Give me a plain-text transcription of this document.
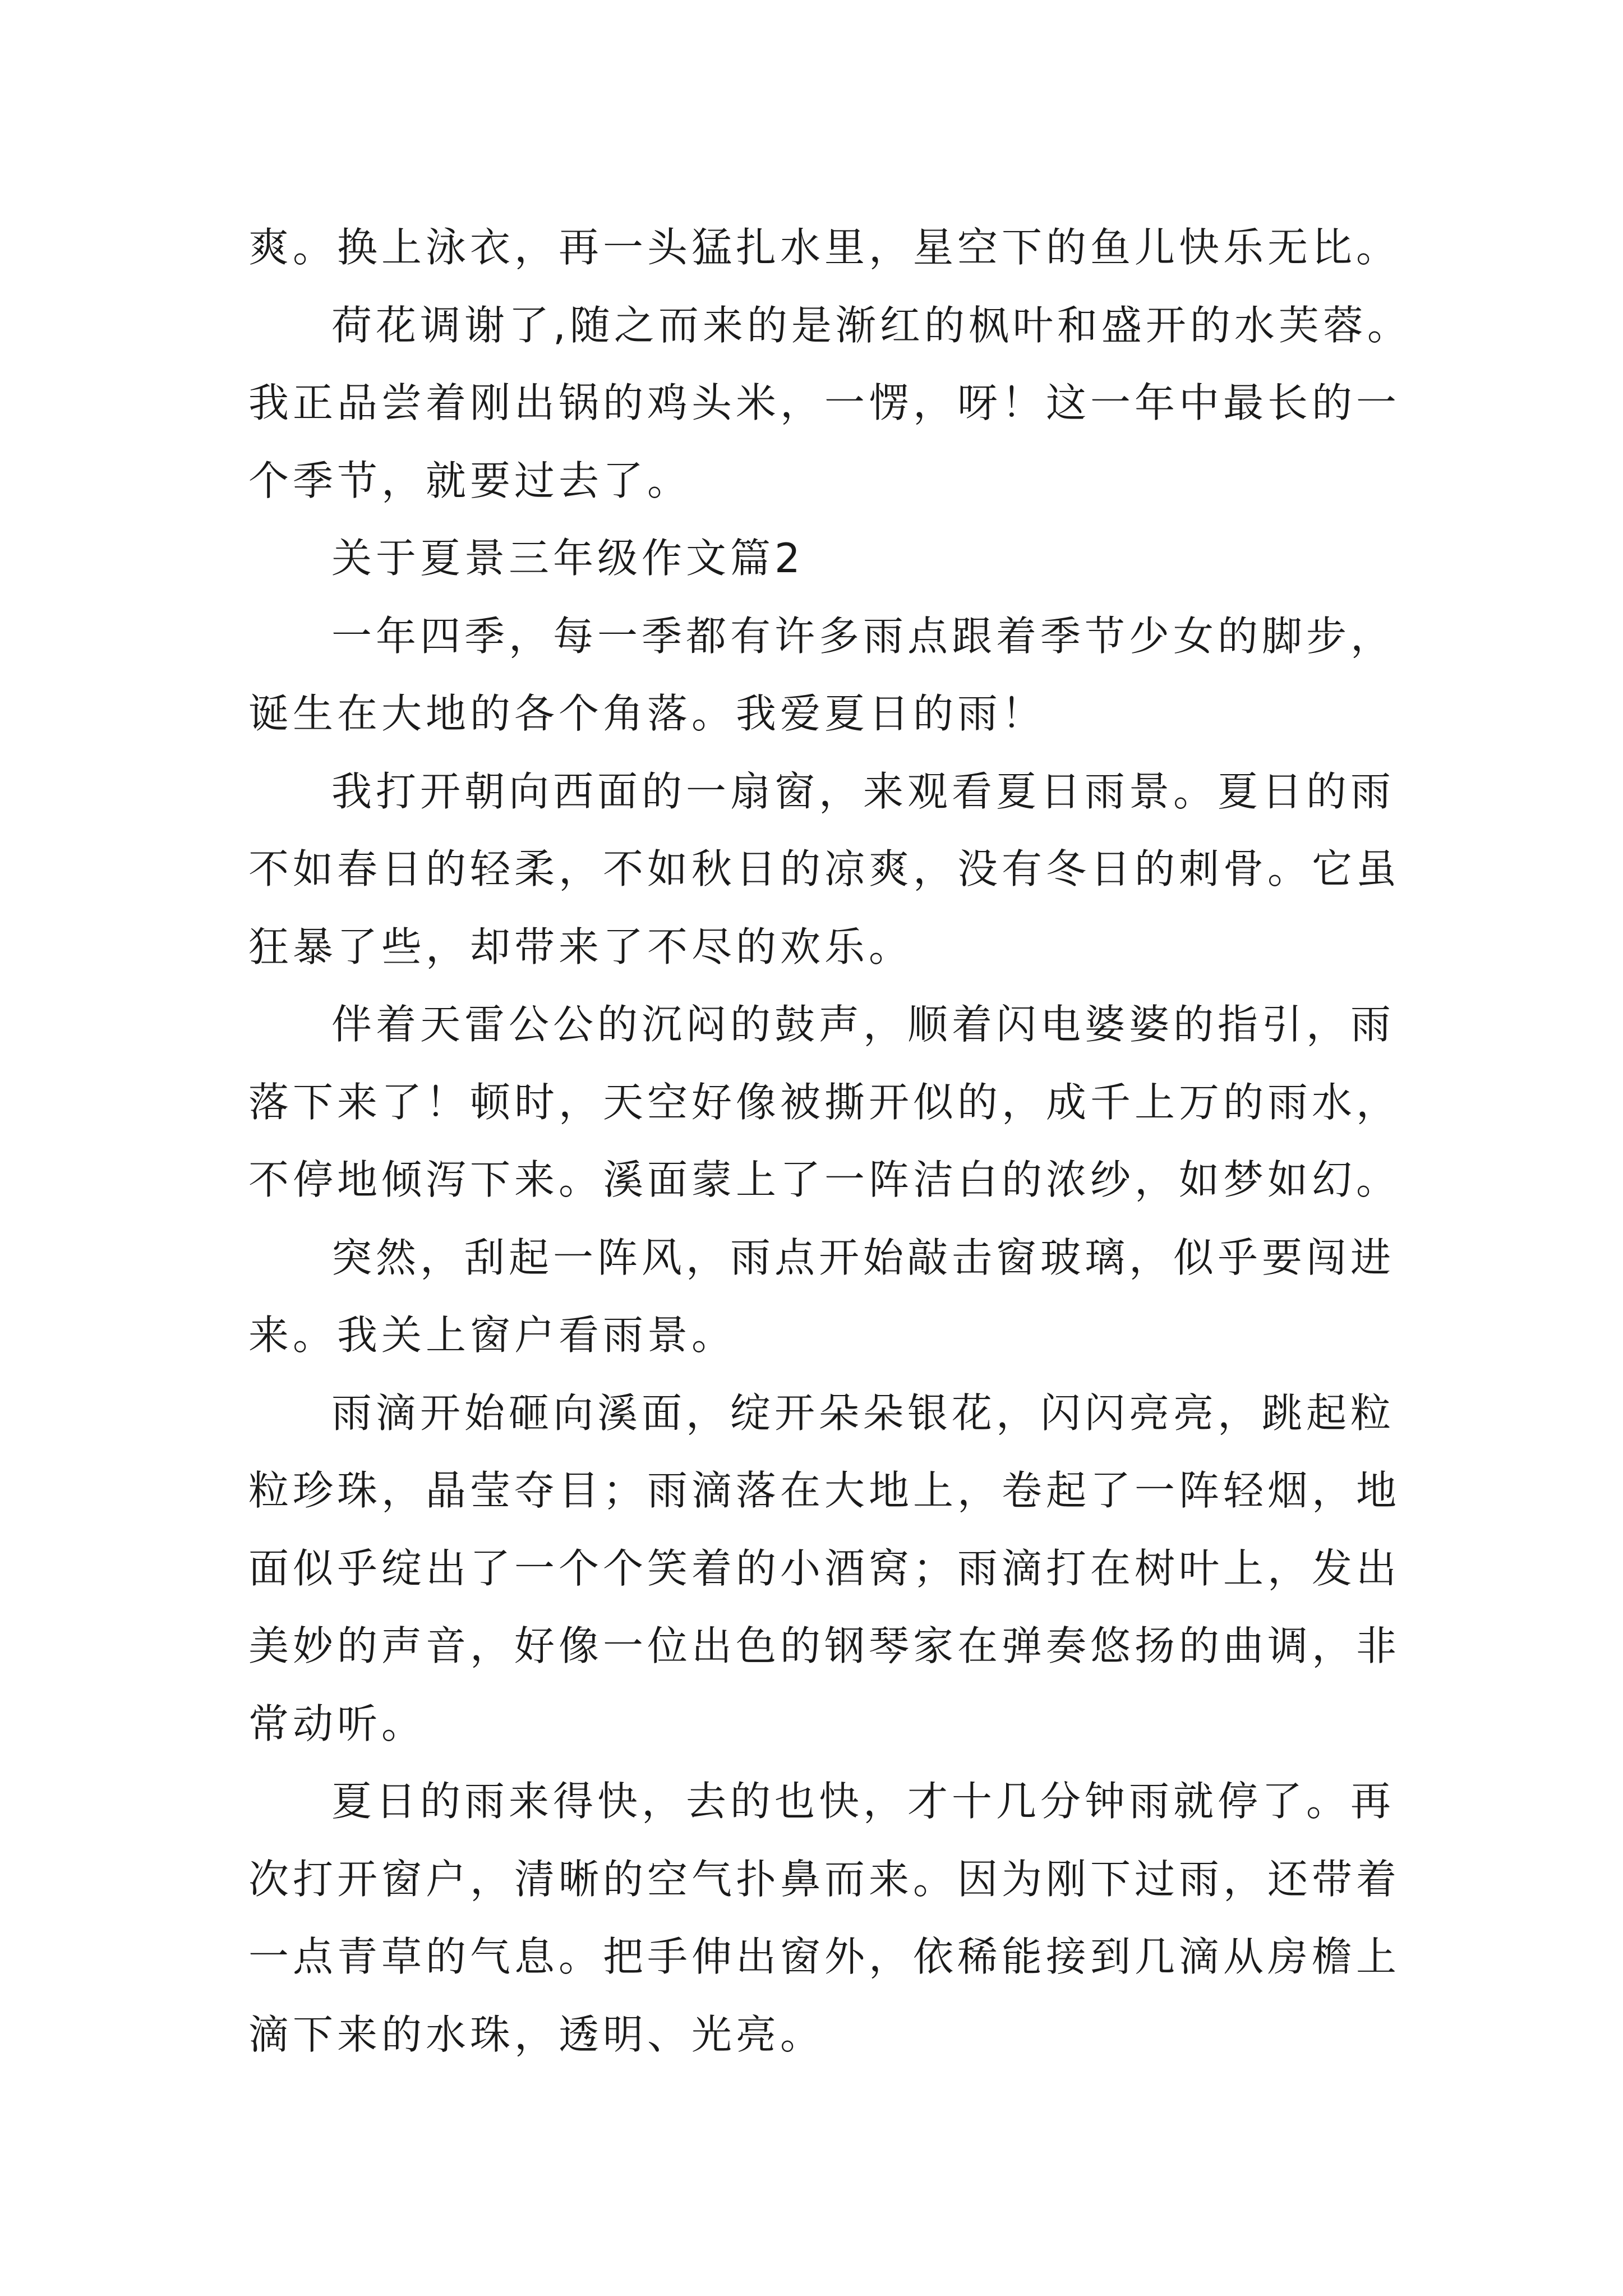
爽。换上泳衣，再一头猛扎水里，星空下的鱼儿快乐无比。
荷花调谢了,随之而来的是渐红的枫叶和盛开的水芙蓉。
我正品尝着刚出锅的鸡头米，一愣，呀！这一年中最长的一
个季节，就要过去了。
关于夏景三年级作文篇2
一年四季，每一季都有许多雨点跟着季节少女的脚步，
诞生在大地的各个角落。我爱夏日的雨！
我打开朝向西面的一扇窗，来观看夏日雨景。夏日的雨
不如春日的轻柔，不如秋日的凉爽，没有冬日的刺骨。它虽
狂暴了些，却带来了不尽的欢乐。
伴着天雷公公的沉闷的鼓声，顺着闪电婆婆的指引，雨
落下来了！顿时，天空好像被撕开似的，成千上万的雨水，
不停地倾泻下来。溪面蒙上了一阵洁白的浓纱，如梦如幻。
突然，刮起一阵风，雨点开始敲击窗玻璃，似乎要闯进
来。我关上窗户看雨景。
雨滴开始砸向溪面，绽开朵朵银花，闪闪亮亮，跳起粒
粒珍珠，晶莹夺目；雨滴落在大地上，卷起了一阵轻烟，地
面似乎绽出了一个个笑着的小酒窝；雨滴打在树叶上，发出
美妙的声音，好像一位出色的钢琴家在弹奏悠扬的曲调，非
常动听。
夏日的雨来得快，去的也快，才十几分钟雨就停了。再
次打开窗户，清晰的空气扑鼻而来。因为刚下过雨，还带着
一点青草的气息。把手伸出窗外，依稀能接到几滴从房檐上
滴下来的水珠，透明、光亮。
